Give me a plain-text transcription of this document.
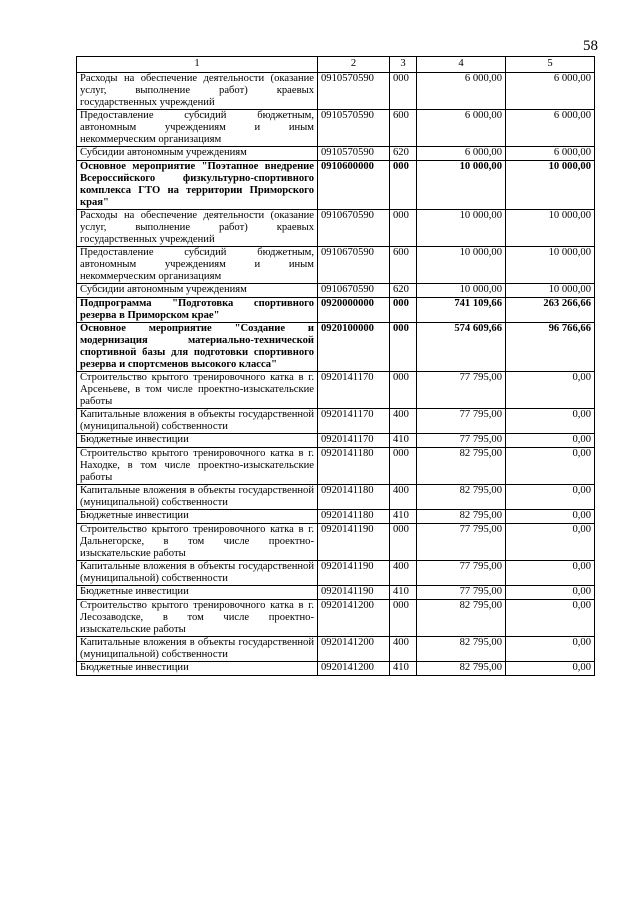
58
1	2	3	4	5
Расходы на обеспечение деятельности (оказание услуг, выполнение работ) краевых государственных учреждений	0910570590	000	6 000,00	6 000,00
Предоставление субсидий бюджетным, автономным учреждениям и иным некоммерческим организациям	0910570590	600	6 000,00	6 000,00
Субсидии автономным учреждениям	0910570590	620	6 000,00	6 000,00
Основное мероприятие "Поэтапное внедрение Всероссийского физкультурно-спортивного комплекса ГТО на территории Приморского края"	0910600000	000	10 000,00	10 000,00
Расходы на обеспечение деятельности (оказание услуг, выполнение работ) краевых государственных учреждений	0910670590	000	10 000,00	10 000,00
Предоставление субсидий бюджетным, автономным учреждениям и иным некоммерческим организациям	0910670590	600	10 000,00	10 000,00
Субсидии автономным учреждениям	0910670590	620	10 000,00	10 000,00
Подпрограмма "Подготовка спортивного резерва в Приморском крае"	0920000000	000	741 109,66	263 266,66
Основное мероприятие "Создание и модернизация материально-технической спортивной базы для подготовки спортивного резерва и спортсменов высокого класса"	0920100000	000	574 609,66	96 766,66
Строительство крытого тренировочного катка в г. Арсеньеве, в том числе проектно-изыскательские работы	0920141170	000	77 795,00	0,00
Капитальные вложения в объекты государственной (муниципальной) собственности	0920141170	400	77 795,00	0,00
Бюджетные инвестиции	0920141170	410	77 795,00	0,00
Строительство крытого тренировочного катка в г. Находке, в том числе проектно-изыскательские работы	0920141180	000	82 795,00	0,00
Капитальные вложения в объекты государственной (муниципальной) собственности	0920141180	400	82 795,00	0,00
Бюджетные инвестиции	0920141180	410	82 795,00	0,00
Строительство крытого тренировочного катка в г. Дальнегорске, в том числе проектно-изыскательские работы	0920141190	000	77 795,00	0,00
Капитальные вложения в объекты государственной (муниципальной) собственности	0920141190	400	77 795,00	0,00
Бюджетные инвестиции	0920141190	410	77 795,00	0,00
Строительство крытого тренировочного катка в г. Лесозаводске, в том числе проектно-изыскательские работы	0920141200	000	82 795,00	0,00
Капитальные вложения в объекты государственной (муниципальной) собственности	0920141200	400	82 795,00	0,00
Бюджетные инвестиции	0920141200	410	82 795,00	0,00
